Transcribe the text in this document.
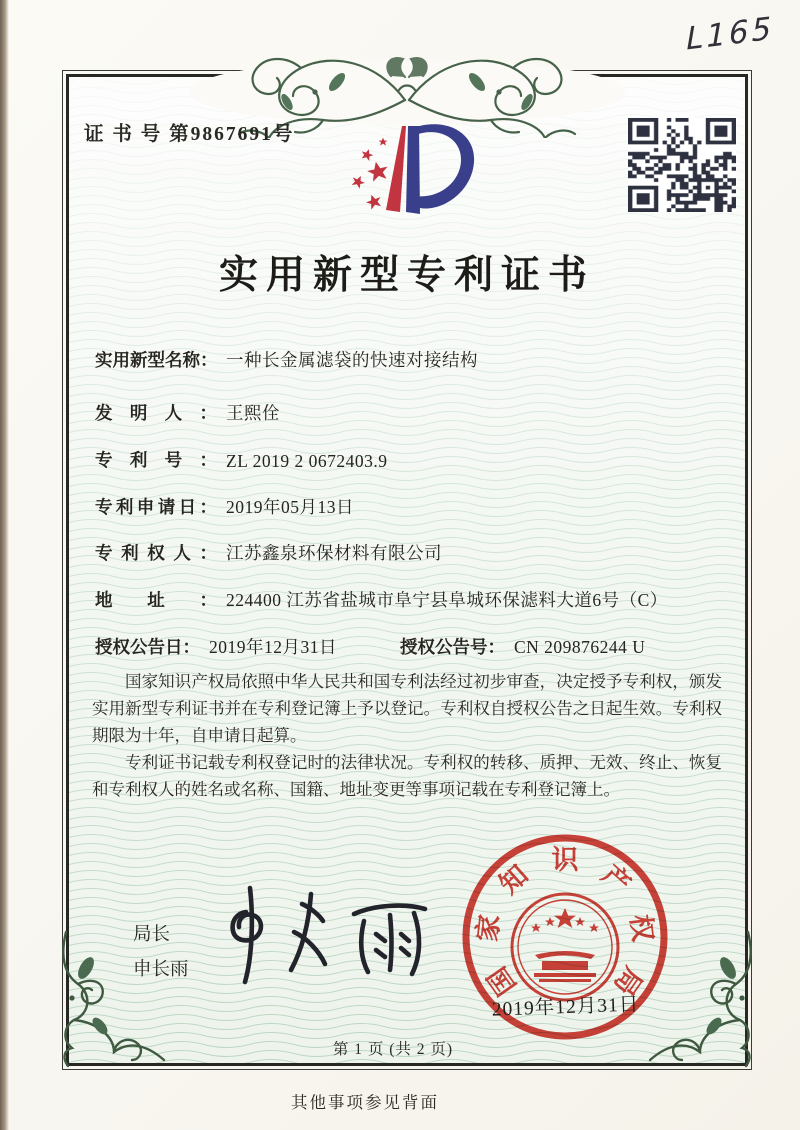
L165
证 书 号 第9867691号
实用新型专利证书
实用新型名称： 一种长金属滤袋的快速对接结构
发明人： 王熙佺
专利号： ZL 2019 2 0672403.9
专利申请日： 2019年05月13日
专利权人： 江苏鑫泉环保材料有限公司
地址： 224400 江苏省盐城市阜宁县阜城环保滤料大道6号（C）
授权公告日： 2019年12月31日	授权公告号： CN 209876244 U

国家知识产权局依照中华人民共和国专利法经过初步审查，决定授予专利权，颁发实用新型专利证书并在专利登记簿上予以登记。专利权自授权公告之日起生效。专利权期限为十年，自申请日起算。

专利证书记载专利权登记时的法律状况。专利权的转移、质押、无效、终止、恢复和专利权人的姓名或名称、国籍、地址变更等事项记载在专利登记簿上。

局长
申长雨	国
家
知 识 产
权
局
2019年12月31日
第 1 页 (共 2 页)
其他事项参见背面
